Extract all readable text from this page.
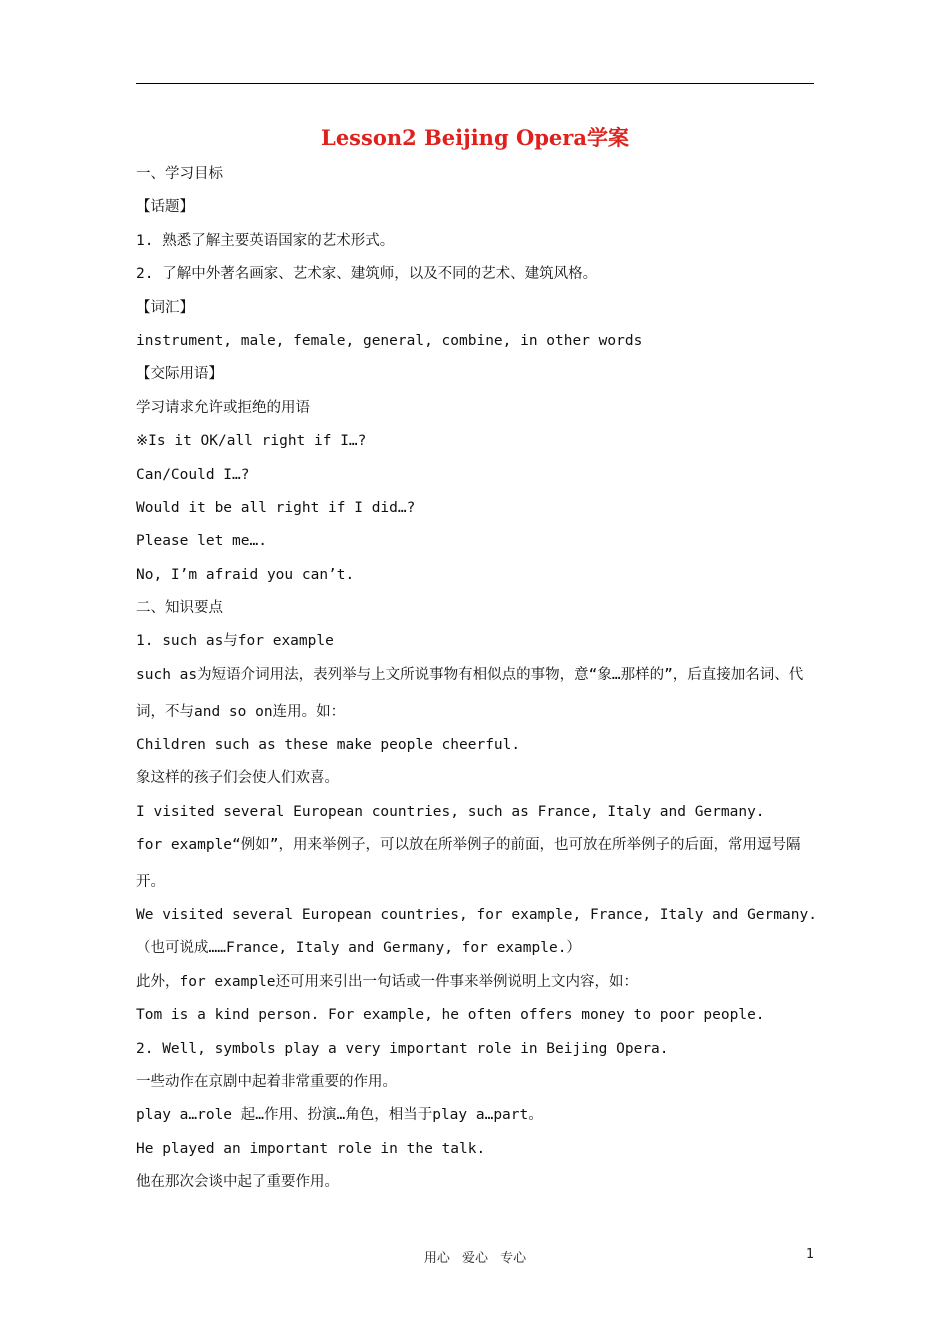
Lesson2 Beijing Opera学案
一、学习目标
【话题】
1. 熟悉了解主要英语国家的艺术形式。
2. 了解中外著名画家、艺术家、建筑师，以及不同的艺术、建筑风格。
【词汇】
instrument, male, female, general, combine, in other words
【交际用语】
学习请求允许或拒绝的用语
※Is it OK/all right if I…?
Can/Could I…?
Would it be all right if I did…?
Please let me….
No, I’m afraid you can’t.
二、知识要点
1. such as与for example
such as为短语介词用法，表列举与上文所说事物有相似点的事物，意“象…那样的”，后直接加名词、代词，不与and so on连用。如：
Children such as these make people cheerful.
象这样的孩子们会使人们欢喜。
I visited several European countries, such as France, Italy and Germany.
for example“例如”，用来举例子，可以放在所举例子的前面，也可放在所举例子的后面，常用逗号隔开。
We visited several European countries, for example, France, Italy and Germany.
（也可说成……France, Italy and Germany, for example.）
此外，for example还可用来引出一句话或一件事来举例说明上文内容，如：
Tom is a kind person. For example, he often offers money to poor people.
2. Well, symbols play a very important role in Beijing Opera.
一些动作在京剧中起着非常重要的作用。
play a…role 起…作用、扮演…角色，相当于play a…part。
He played an important role in the talk.
他在那次会谈中起了重要作用。
用心 爱心 专心	1
